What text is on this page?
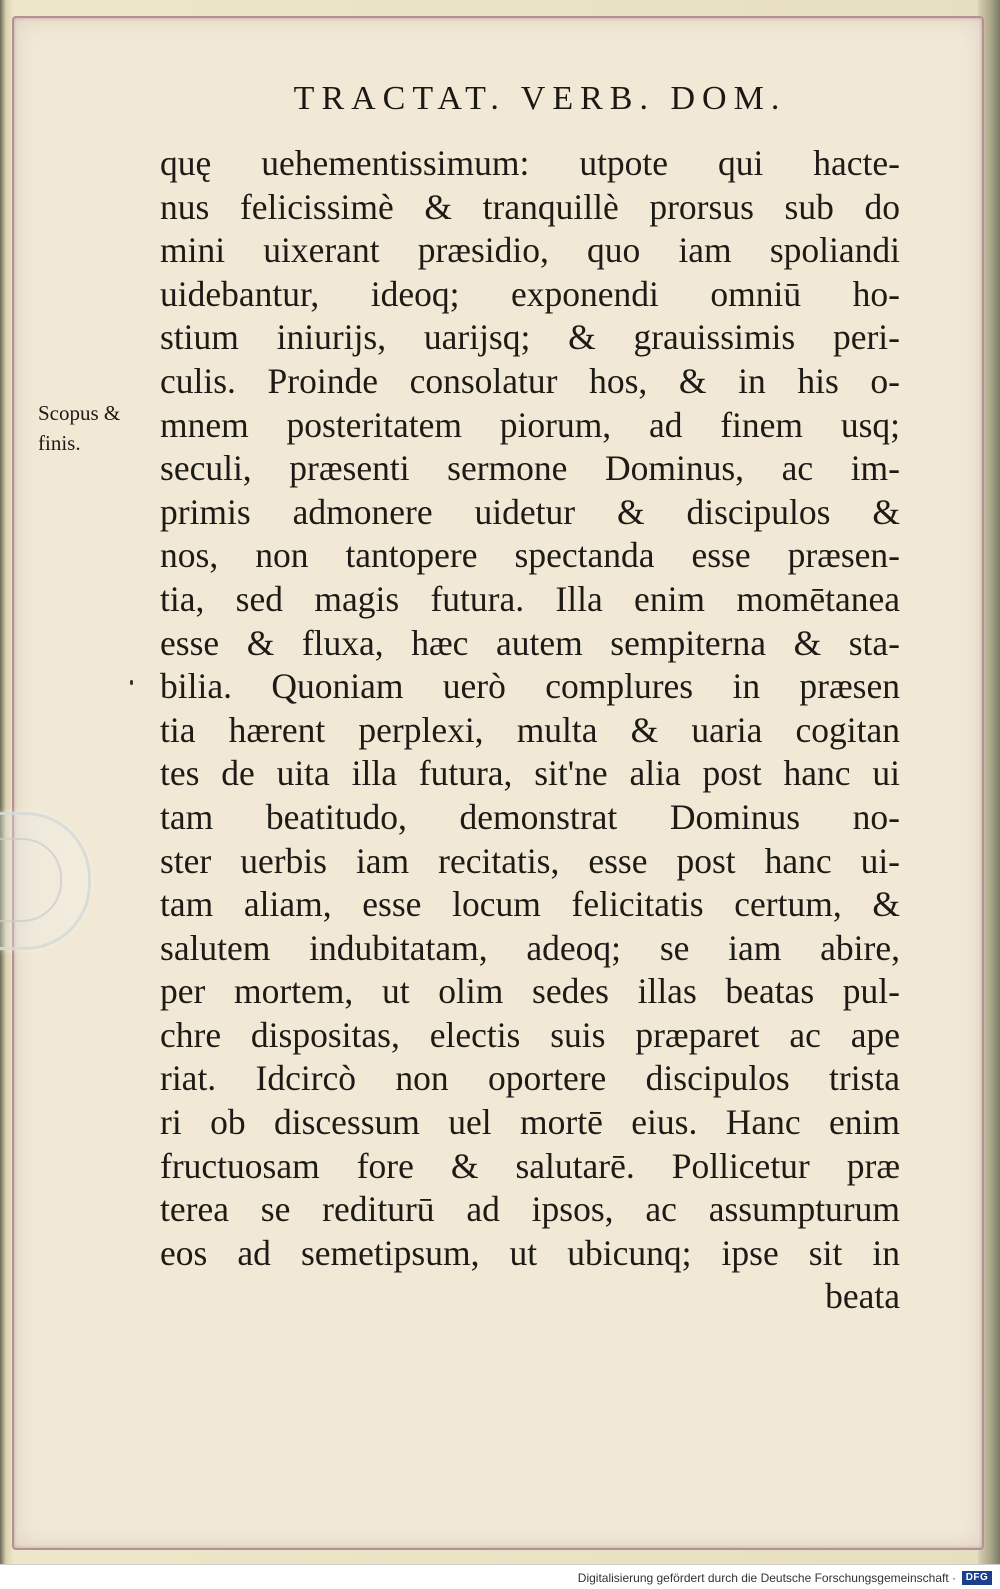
TRACTAT. VERB. DOM.
Scopus &
finis.
quę uehementissimum: utpote qui hacte-
nus felicissimè & tranquillè prorsus sub do
mini uixerant præsidio, quo iam spoliandi
uidebantur, ideoq; exponendi omniū ho-
stium iniurijs, uarijsq; & grauissimis peri-
culis. Proinde consolatur hos, & in his o-
mnem posteritatem piorum, ad finem usq;
seculi, præsenti sermone Dominus, ac im-
primis admonere uidetur & discipulos &
nos, non tantopere spectanda esse præsen-
tia, sed magis futura. Illa enim momētanea
esse & fluxa, hæc autem sempiterna & sta-
bilia. Quoniam uerò complures in præsen
tia hærent perplexi, multa & uaria cogitan
tes de uita illa futura, sit'ne alia post hanc ui
tam beatitudo, demonstrat Dominus no-
ster uerbis iam recitatis, esse post hanc ui-
tam aliam, esse locum felicitatis certum, &
salutem indubitatam, adeoq; se iam abire,
per mortem, ut olim sedes illas beatas pul-
chre dispositas, electis suis præparet ac ape
riat. Idcircò non oportere discipulos trista
ri ob discessum uel mortē eius. Hanc enim
fructuosam fore & salutarē. Pollicetur præ
terea se rediturū ad ipsos, ac assumpturum
eos ad semetipsum, ut ubicunq; ipse sit in
beata
Digitalisierung gefördert durch die Deutsche Forschungsgemeinschaft · DFG
